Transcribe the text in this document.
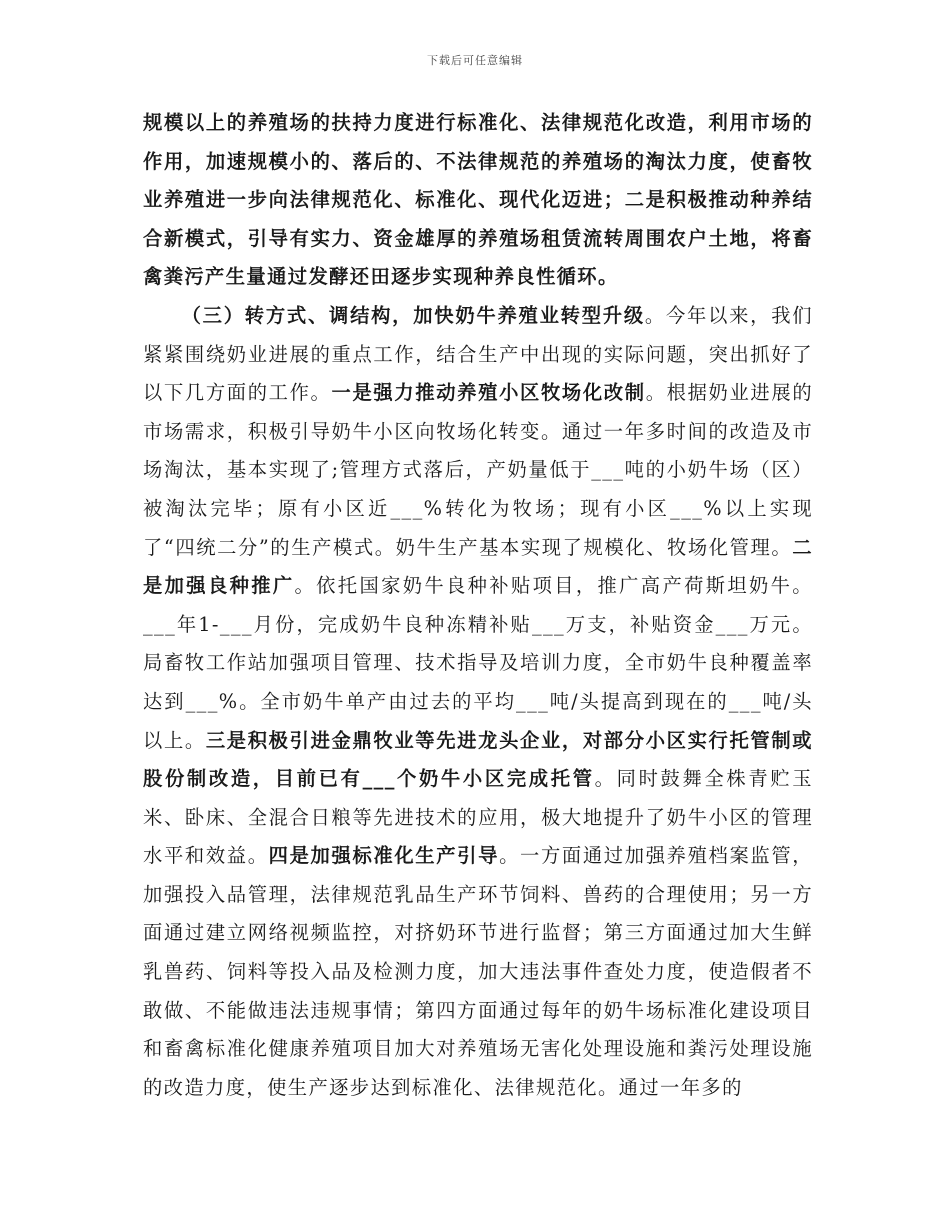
下载后可任意编辑

规模以上的养殖场的扶持力度进行标准化、法律规范化改造，利用市场的作用，加速规模小的、落后的、不法律规范的养殖场的淘汰力度，使畜牧业养殖进一步向法律规范化、标准化、现代化迈进；二是积极推动种养结合新模式，引导有实力、资金雄厚的养殖场租赁流转周围农户土地，将畜禽粪污产生量通过发酵还田逐步实现种养良性循环。

（三）转方式、调结构，加快奶牛养殖业转型升级。今年以来，我们紧紧围绕奶业进展的重点工作，结合生产中出现的实际问题，突出抓好了以下几方面的工作。一是强力推动养殖小区牧场化改制。根据奶业进展的市场需求，积极引导奶牛小区向牧场化转变。通过一年多时间的改造及市场淘汰，基本实现了;管理方式落后，产奶量低于___吨的小奶牛场（区）被淘汰完毕；原有小区近___%转化为牧场；现有小区___%以上实现了“四统二分”的生产模式。奶牛生产基本实现了规模化、牧场化管理。二是加强良种推广。依托国家奶牛良种补贴项目，推广高产荷斯坦奶牛。___年1-___月份，完成奶牛良种冻精补贴___万支，补贴资金___万元。局畜牧工作站加强项目管理、技术指导及培训力度，全市奶牛良种覆盖率达到___%。全市奶牛单产由过去的平均___吨/头提高到现在的___吨/头以上。三是积极引进金鼎牧业等先进龙头企业，对部分小区实行托管制或股份制改造，目前已有___个奶牛小区完成托管。同时鼓舞全株青贮玉米、卧床、全混合日粮等先进技术的应用，极大地提升了奶牛小区的管理水平和效益。四是加强标准化生产引导。一方面通过加强养殖档案监管，加强投入品管理，法律规范乳品生产环节饲料、兽药的合理使用；另一方面通过建立网络视频监控，对挤奶环节进行监督；第三方面通过加大生鲜乳兽药、饲料等投入品及检测力度，加大违法事件查处力度，使造假者不敢做、不能做违法违规事情；第四方面通过每年的奶牛场标准化建设项目和畜禽标准化健康养殖项目加大对养殖场无害化处理设施和粪污处理设施的改造力度，使生产逐步达到标准化、法律规范化。通过一年多的
